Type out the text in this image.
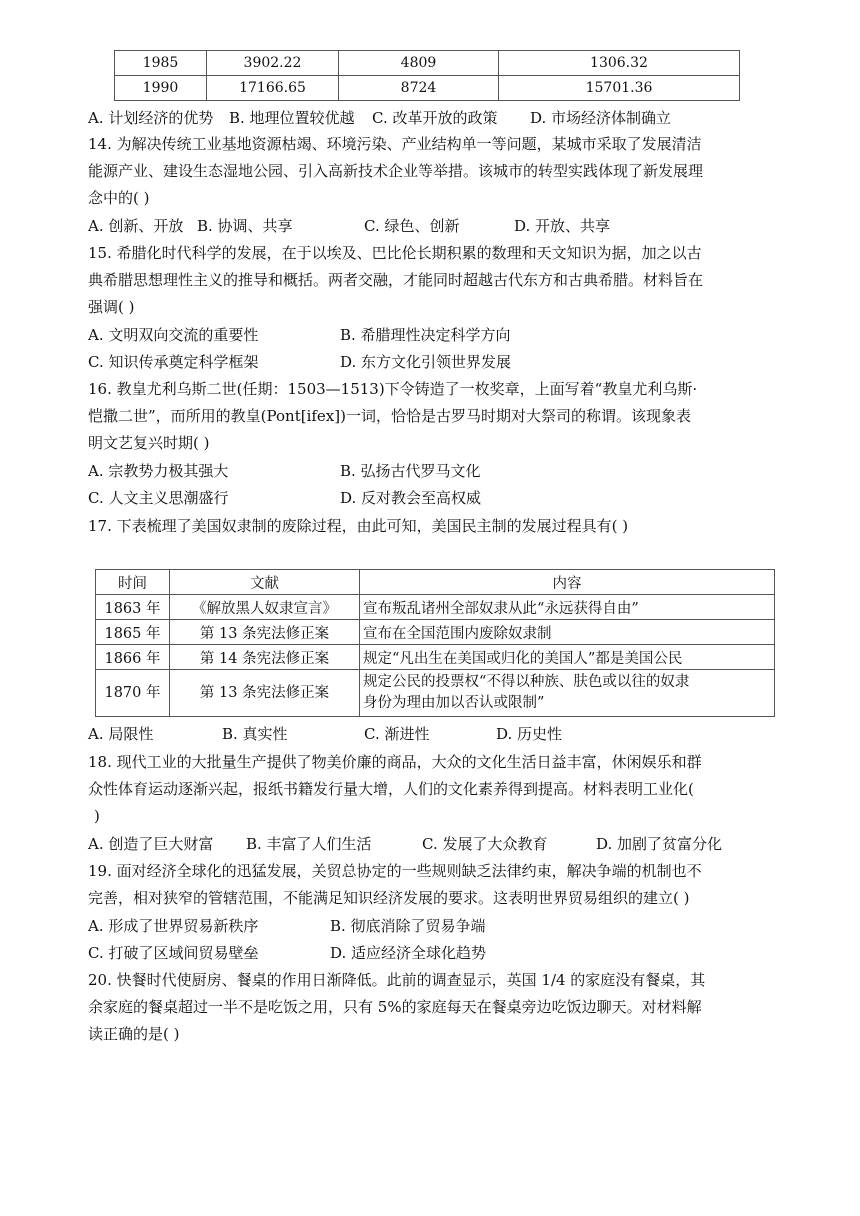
1985	3902.22	4809	1306.32
1990	17166.65	8724	15701.36
A. 计划经济的优势 B. 地理位置较优越 C. 改革开放的政策 D. 市场经济体制确立
14. 为解决传统工业基地资源枯竭、环境污染、产业结构单一等问题，某城市采取了发展清洁
能源产业、建设生态湿地公园、引入高新技术企业等举措。该城市的转型实践体现了新发展理
念中的( )
A. 创新、开放 B. 协调、共享	C. 绿色、创新	D. 开放、共享
15. 希腊化时代科学的发展，在于以埃及、巴比伦长期积累的数理和天文知识为据，加之以古
典希腊思想理性主义的推导和概括。两者交融，才能同时超越古代东方和古典希腊。材料旨在
强调( )
A. 文明双向交流的重要性	B. 希腊理性决定科学方向
C. 知识传承奠定科学框架	D. 东方文化引领世界发展
16. 教皇尤利乌斯二世(任期：1503—1513)下令铸造了一枚奖章，上面写着“教皇尤利乌斯·
恺撒二世”，而所用的教皇(Pont[ifex])一词，恰恰是古罗马时期对大祭司的称谓。该现象表
明文艺复兴时期( )
A. 宗教势力极其强大	B. 弘扬古代罗马文化
C. 人文主义思潮盛行	D. 反对教会至高权威
17. 下表梳理了美国奴隶制的废除过程，由此可知，美国民主制的发展过程具有( )
时间	文献	内容
1863 年	《解放黑人奴隶宣言》	宣布叛乱诸州全部奴隶从此“永远获得自由”
1865 年	第 13 条宪法修正案	宣布在全国范围内废除奴隶制
1866 年	第 14 条宪法修正案	规定“凡出生在美国或归化的美国人”都是美国公民
1870 年	第 13 条宪法修正案	规定公民的投票权“不得以种族、肤色或以往的奴隶
身份为理由加以否认或限制”
A. 局限性	B. 真实性	C. 渐进性	D. 历史性
18. 现代工业的大批量生产提供了物美价廉的商品，大众的文化生活日益丰富，休闲娱乐和群
众性体育运动逐渐兴起，报纸书籍发行量大增，人们的文化素养得到提高。材料表明工业化(
)
A. 创造了巨大财富 B. 丰富了人们生活	C. 发展了大众教育	D. 加剧了贫富分化
19. 面对经济全球化的迅猛发展，关贸总协定的一些规则缺乏法律约束，解决争端的机制也不
完善，相对狭窄的管辖范围，不能满足知识经济发展的要求。这表明世界贸易组织的建立( )
A. 形成了世界贸易新秩序	B. 彻底消除了贸易争端
C. 打破了区域间贸易壁垒	D. 适应经济全球化趋势
20. 快餐时代使厨房、餐桌的作用日渐降低。此前的调查显示，英国 1/4 的家庭没有餐桌，其
余家庭的餐桌超过一半不是吃饭之用，只有 5%的家庭每天在餐桌旁边吃饭边聊天。对材料解
读正确的是( )
